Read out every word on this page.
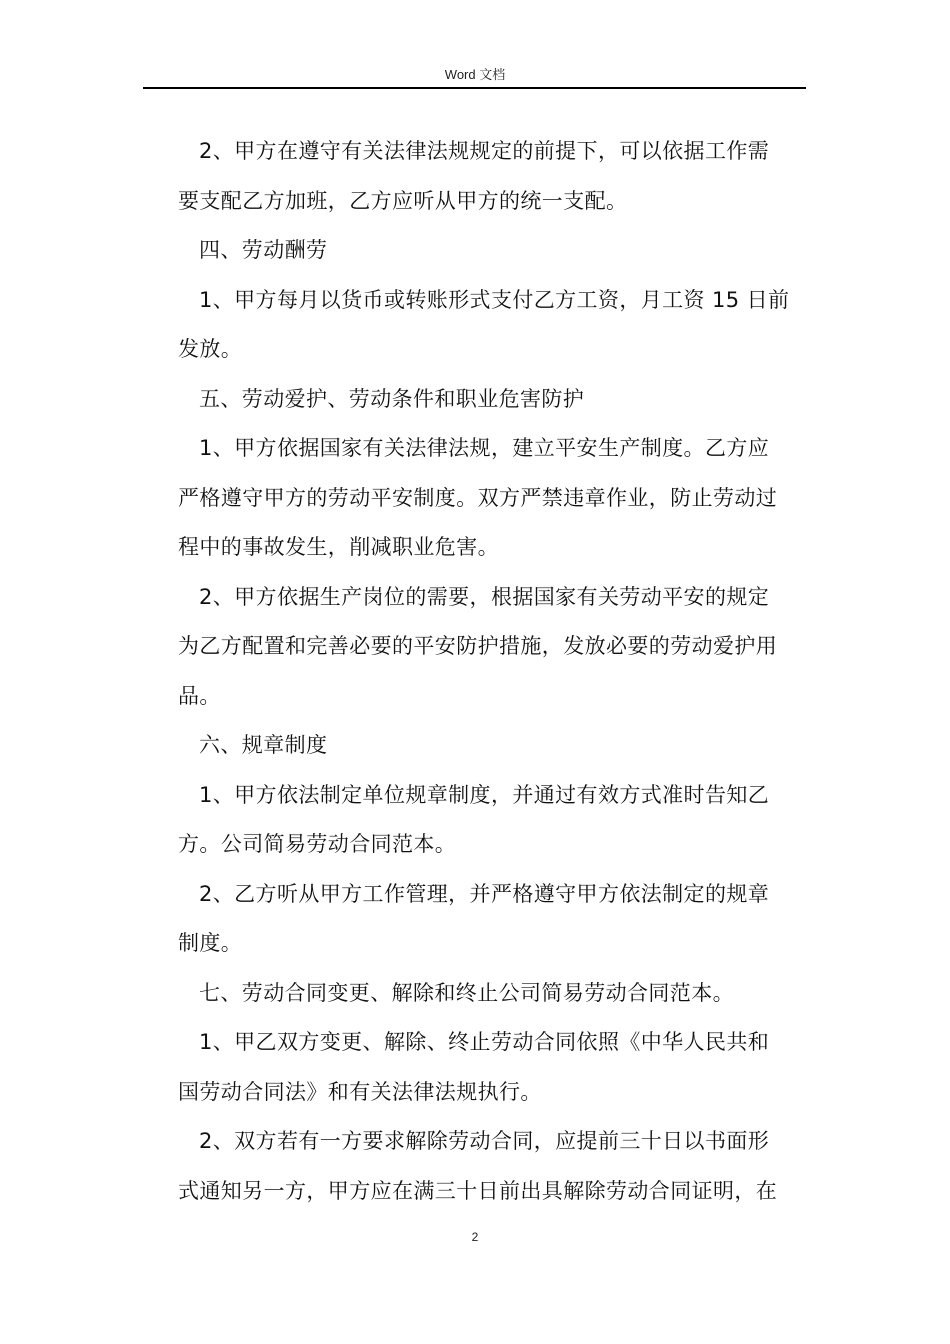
Word 文档

2、甲方在遵守有关法律法规规定的前提下，可以依据工作需

要支配乙方加班，乙方应听从甲方的统一支配。

四、劳动酬劳

1、甲方每月以货币或转账形式支付乙方工资，月工资 15 日前

发放。

五、劳动爱护、劳动条件和职业危害防护

1、甲方依据国家有关法律法规，建立平安生产制度。乙方应

严格遵守甲方的劳动平安制度。双方严禁违章作业，防止劳动过

程中的事故发生，削减职业危害。

2、甲方依据生产岗位的需要，根据国家有关劳动平安的规定

为乙方配置和完善必要的平安防护措施，发放必要的劳动爱护用

品。

六、规章制度

1、甲方依法制定单位规章制度，并通过有效方式准时告知乙

方。公司简易劳动合同范本。

2、乙方听从甲方工作管理，并严格遵守甲方依法制定的规章

制度。

七、劳动合同变更、解除和终止公司简易劳动合同范本。

1、甲乙双方变更、解除、终止劳动合同依照《中华人民共和

国劳动合同法》和有关法律法规执行。

2、双方若有一方要求解除劳动合同，应提前三十日以书面形

式通知另一方，甲方应在满三十日前出具解除劳动合同证明，在

2
